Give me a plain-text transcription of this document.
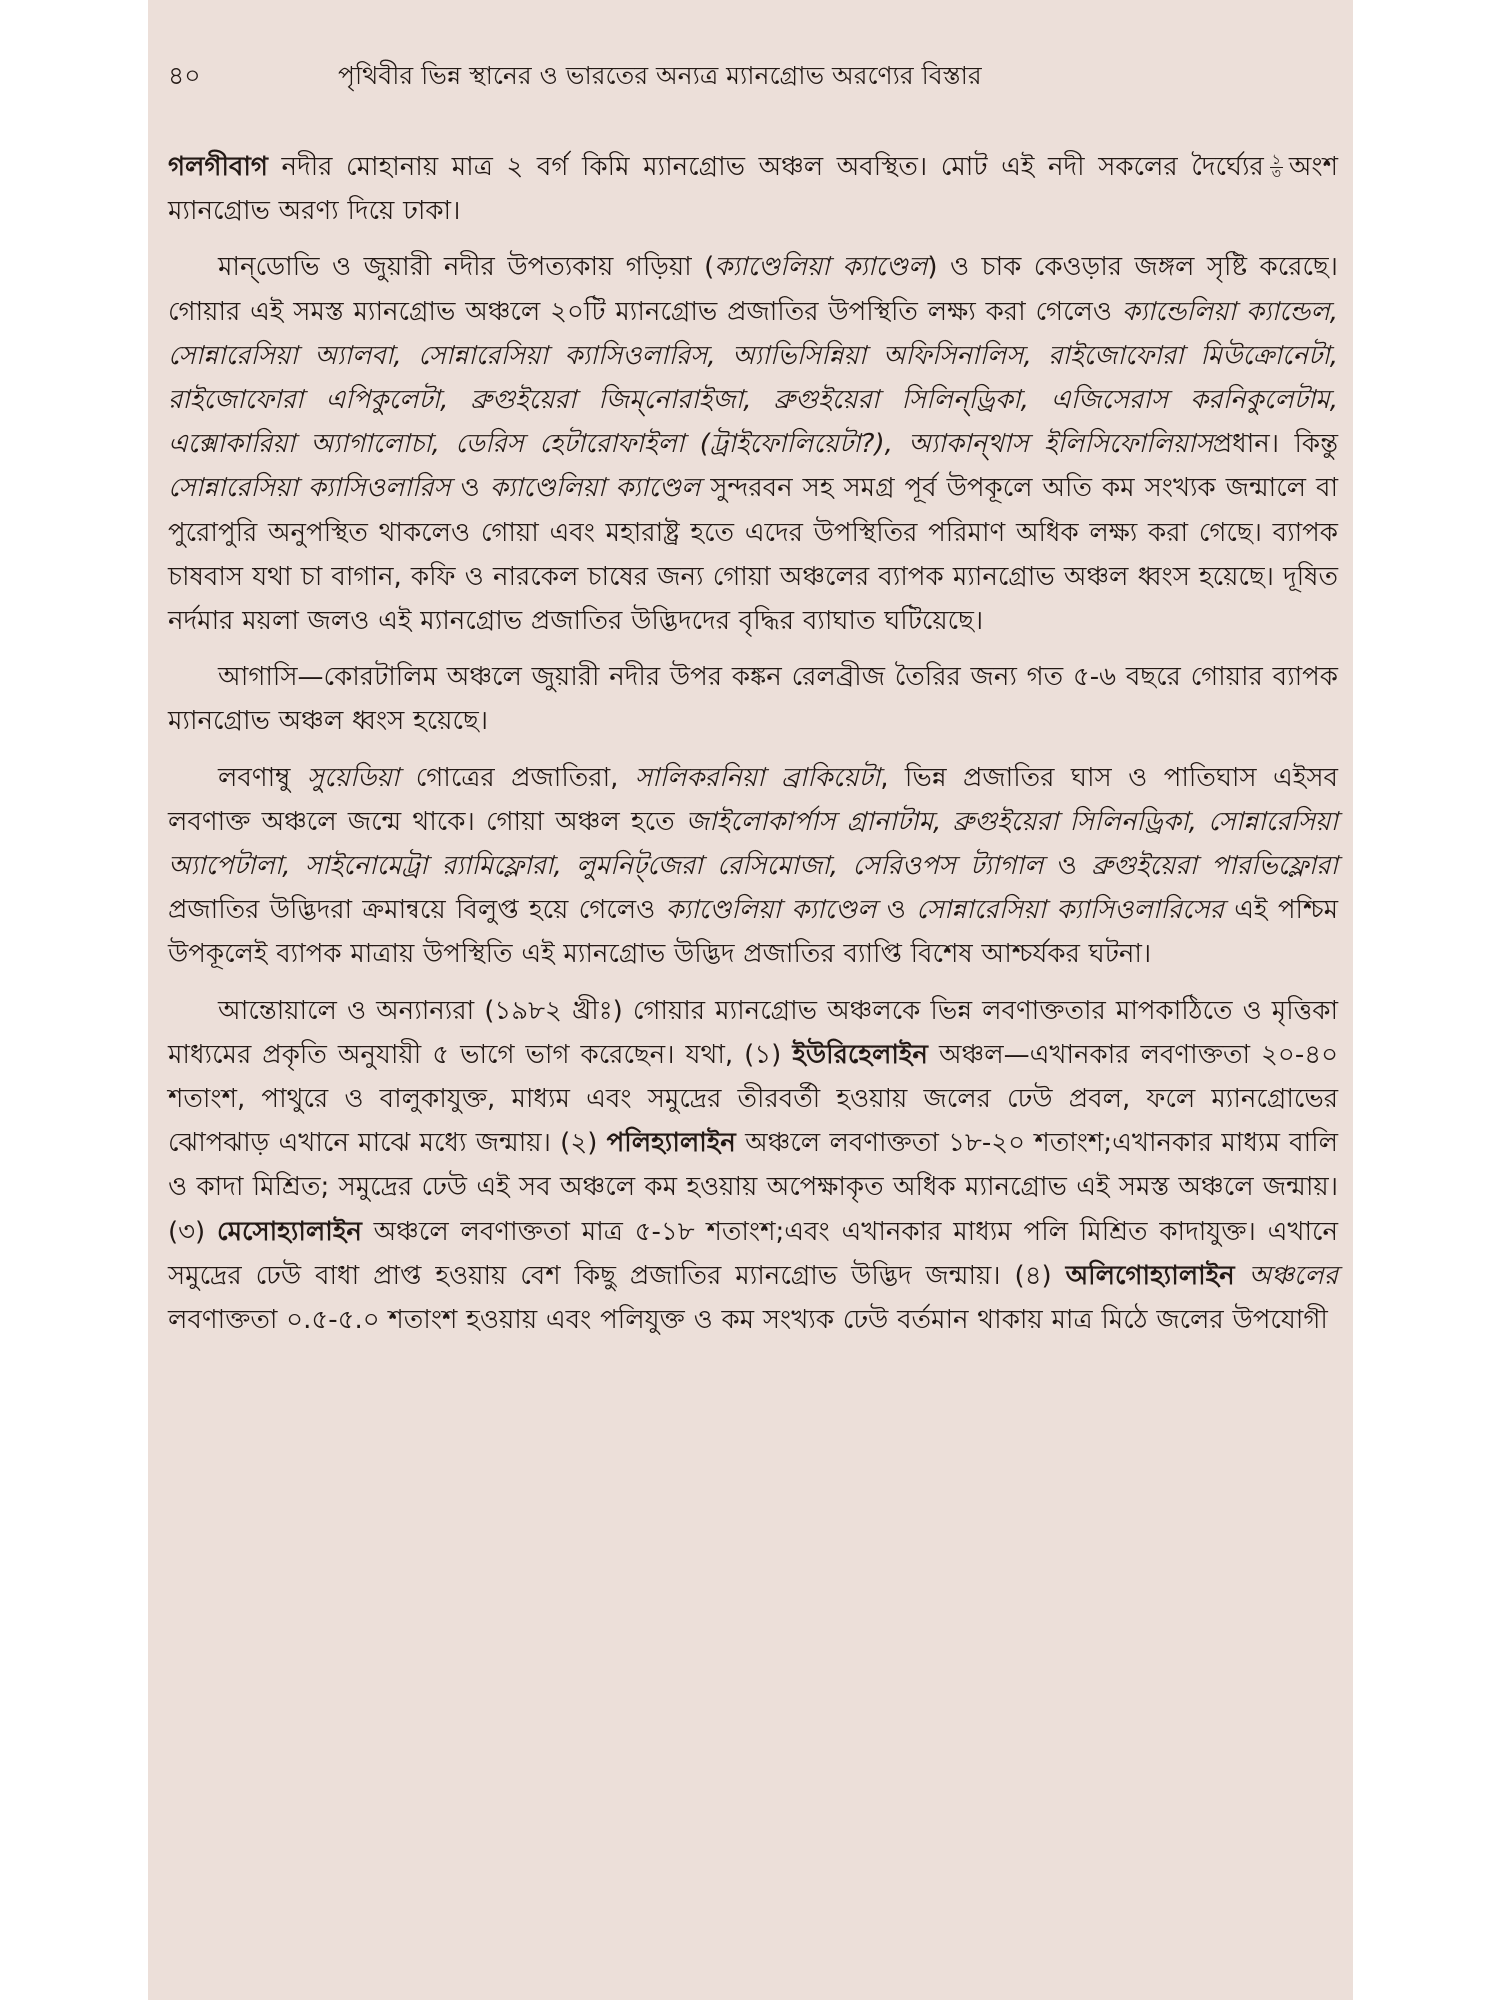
৪০	পৃথিবীর ভিন্ন স্থানের ও ভারতের অন্যত্র ম্যানগ্রোভ অরণ্যের বিস্তার

গলগীবাগ নদীর মোহানায় মাত্র ২ বর্গ কিমি ম্যানগ্রোভ অঞ্চল অবস্থিত। মোট এই নদী সকলের দৈর্ঘ্যের $\frac{১}{৩}$ অংশ ম্যানগ্রোভ অরণ্য দিয়ে ঢাকা।

মান্‌ডোভি ও জুয়ারী নদীর উপত্যকায় গড়িয়া (ক্যাণ্ডেলিয়া ক্যাণ্ডেল) ও চাক কেওড়ার জঙ্গল সৃষ্টি করেছে। গোয়ার এই সমস্ত ম্যানগ্রোভ অঞ্চলে ২০টি ম্যানগ্রোভ প্রজাতির উপস্থিতি লক্ষ্য করা গেলেও ক্যান্ডেলিয়া ক্যান্ডেল, সোন্নারেসিয়া অ্যালবা, সোন্নারেসিয়া ক্যাসিওলারিস, অ্যাভিসিন্নিয়া অফিসিনালিস, রাইজোফোরা মিউক্রোনেটা, রাইজোফোরা এপিকুলেটা, ব্রুগুইয়েরা জিম্‌নোরাইজা, ব্রুগুইয়েরা সিলিন্‌ড্রিকা, এজিসেরাস করনিকুলেটাম, এক্সোকারিয়া অ্যাগালোচা, ডেরিস হেটারোফাইলা (ট্রাইফোলিয়েটা?), অ্যাকান্‌থাস ইলিসিফোলিয়াসপ্রধান। কিন্তু সোন্নারেসিয়া ক্যাসিওলারিস ও ক্যাণ্ডেলিয়া ক্যাণ্ডেল সুন্দরবন সহ সমগ্র পূর্ব উপকূলে অতি কম সংখ্যক জন্মালে বা পুরোপুরি অনুপস্থিত থাকলেও গোয়া এবং মহারাষ্ট্র হতে এদের উপস্থিতির পরিমাণ অধিক লক্ষ্য করা গেছে। ব্যাপক চাষবাস যথা চা বাগান, কফি ও নারকেল চাষের জন্য গোয়া অঞ্চলের ব্যাপক ম্যানগ্রোভ অঞ্চল ধ্বংস হয়েছে। দূষিত নর্দমার ময়লা জলও এই ম্যানগ্রোভ প্রজাতির উদ্ভিদদের বৃদ্ধির ব্যাঘাত ঘটিয়েছে।

আগাসি—কোরটালিম অঞ্চলে জুয়ারী নদীর উপর কঙ্কন রেলব্রীজ তৈরির জন্য গত ৫-৬ বছরে গোয়ার ব্যাপক ম্যানগ্রোভ অঞ্চল ধ্বংস হয়েছে।

লবণাম্বু সুয়েডিয়া গোত্রের প্রজাতিরা, সালিকরনিয়া ব্রাকিয়েটা, ভিন্ন প্রজাতির ঘাস ও পাতিঘাস এইসব লবণাক্ত অঞ্চলে জন্মে থাকে। গোয়া অঞ্চল হতে জাইলোকার্পাস গ্রানাটাম, ব্রুগুইয়েরা সিলিনড্রিকা, সোন্নারেসিয়া অ্যাপেটালা, সাইনোমেট্রা র‍্যামিফ্লোরা, লুমনিট্‌জেরা রেসিমোজা, সেরিওপস ট্যাগাল ও ব্রুগুইয়েরা পারভিফ্লোরা প্রজাতির উদ্ভিদরা ক্রমান্বয়ে বিলুপ্ত হয়ে গেলেও ক্যাণ্ডেলিয়া ক্যাণ্ডেল ও সোন্নারেসিয়া ক্যাসিওলারিসের এই পশ্চিম উপকূলেই ব্যাপক মাত্রায় উপস্থিতি এই ম্যানগ্রোভ উদ্ভিদ প্রজাতির ব্যাপ্তি বিশেষ আশ্চর্যকর ঘটনা।

আন্তোয়ালে ও অন্যান্যরা (১৯৮২ খ্রীঃ) গোয়ার ম্যানগ্রোভ অঞ্চলকে ভিন্ন লবণাক্ততার মাপকাঠিতে ও মৃত্তিকা মাধ্যমের প্রকৃতি অনুযায়ী ৫ ভাগে ভাগ করেছেন। যথা, (১) ইউরিহেলাইন অঞ্চল—এখানকার লবণাক্ততা ২০-৪০ শতাংশ, পাথুরে ও বালুকাযুক্ত, মাধ্যম এবং সমুদ্রের তীরবর্তী হওয়ায় জলের ঢেউ প্রবল, ফলে ম্যানগ্রোভের ঝোপঝাড় এখানে মাঝে মধ্যে জন্মায়। (২) পলিহ্যালাইন অঞ্চলে লবণাক্ততা ১৮-২০ শতাংশ;এখানকার মাধ্যম বালি ও কাদা মিশ্রিত; সমুদ্রের ঢেউ এই সব অঞ্চলে কম হওয়ায় অপেক্ষাকৃত অধিক ম্যানগ্রোভ এই সমস্ত অঞ্চলে জন্মায়। (৩) মেসোহ্যালাইন অঞ্চলে লবণাক্ততা মাত্র ৫-১৮ শতাংশ;এবং এখানকার মাধ্যম পলি মিশ্রিত কাদাযুক্ত। এখানে সমুদ্রের ঢেউ বাধা প্রাপ্ত হওয়ায় বেশ কিছু প্রজাতির ম্যানগ্রোভ উদ্ভিদ জন্মায়। (৪) অলিগোহ্যালাইন অঞ্চলের লবণাক্ততা ০.৫-৫.০ শতাংশ হওয়ায় এবং পলিযুক্ত ও কম সংখ্যক ঢেউ বর্তমান থাকায় মাত্র মিঠে জলের উপযোগী
